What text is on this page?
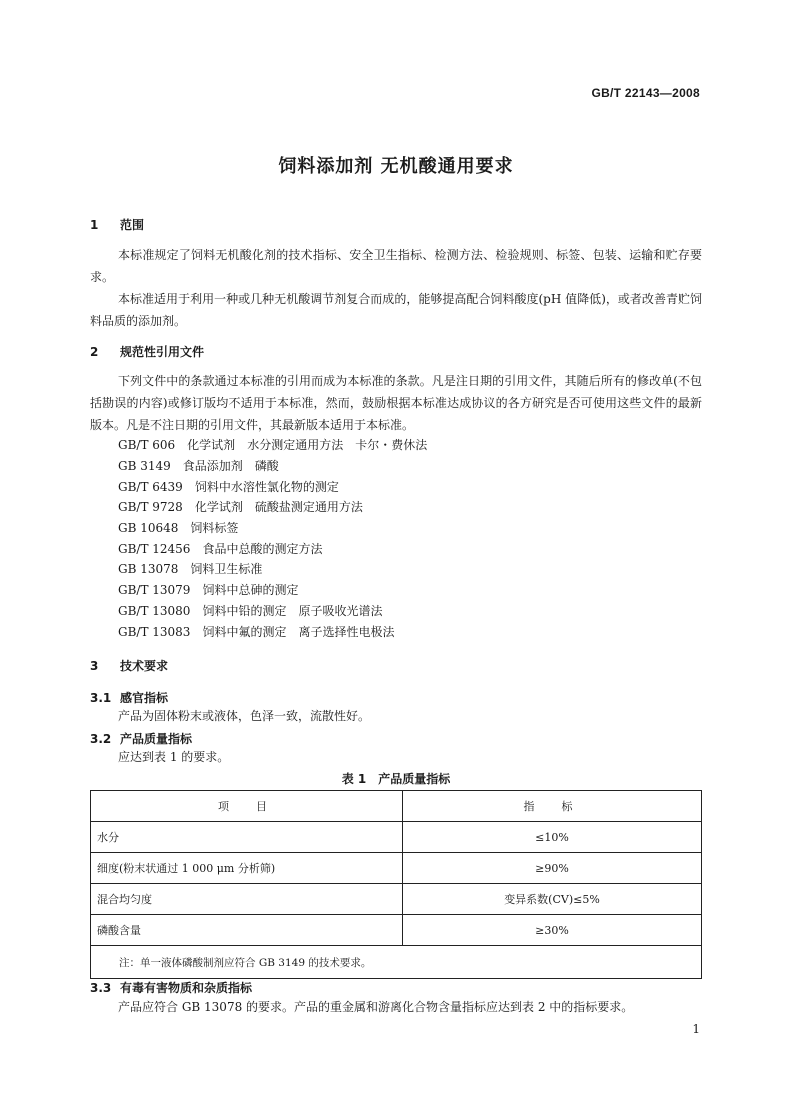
GB/T 22143—2008
饲料添加剂 无机酸通用要求
1 范围
本标准规定了饲料无机酸化剂的技术指标、安全卫生指标、检测方法、检验规则、标签、包装、运输和贮存要求。
本标准适用于利用一种或几种无机酸调节剂复合而成的，能够提高配合饲料酸度(pH 值降低)，或者改善青贮饲料品质的添加剂。
2 规范性引用文件
下列文件中的条款通过本标准的引用而成为本标准的条款。凡是注日期的引用文件，其随后所有的修改单(不包括勘误的内容)或修订版均不适用于本标准，然而，鼓励根据本标准达成协议的各方研究是否可使用这些文件的最新版本。凡是不注日期的引用文件，其最新版本适用于本标准。
GB/T 606 化学试剂 水分测定通用方法　卡尔・费休法
GB 3149 食品添加剂 磷酸
GB/T 6439 饲料中水溶性氯化物的测定
GB/T 9728 化学试剂 硫酸盐测定通用方法
GB 10648 饲料标签
GB/T 12456 食品中总酸的测定方法
GB 13078 饲料卫生标准
GB/T 13079 饲料中总砷的测定
GB/T 13080 饲料中铅的测定 原子吸收光谱法
GB/T 13083 饲料中氟的测定 离子选择性电极法
3 技术要求
3.1 感官指标
产品为固体粉末或液体，色泽一致，流散性好。
3.2 产品质量指标
应达到表 1 的要求。
表 1　产品质量指标
项　目	指　标
水分	≤10%
细度(粉末状通过 1 000 μm 分析筛)	≥90%
混合均匀度	变异系数(CV)≤5%
磷酸含量	≥30%
注：单一液体磷酸制剂应符合 GB 3149 的技术要求。	
3.3 有毒有害物质和杂质指标
产品应符合 GB 13078 的要求。产品的重金属和游离化合物含量指标应达到表 2 中的指标要求。
1
